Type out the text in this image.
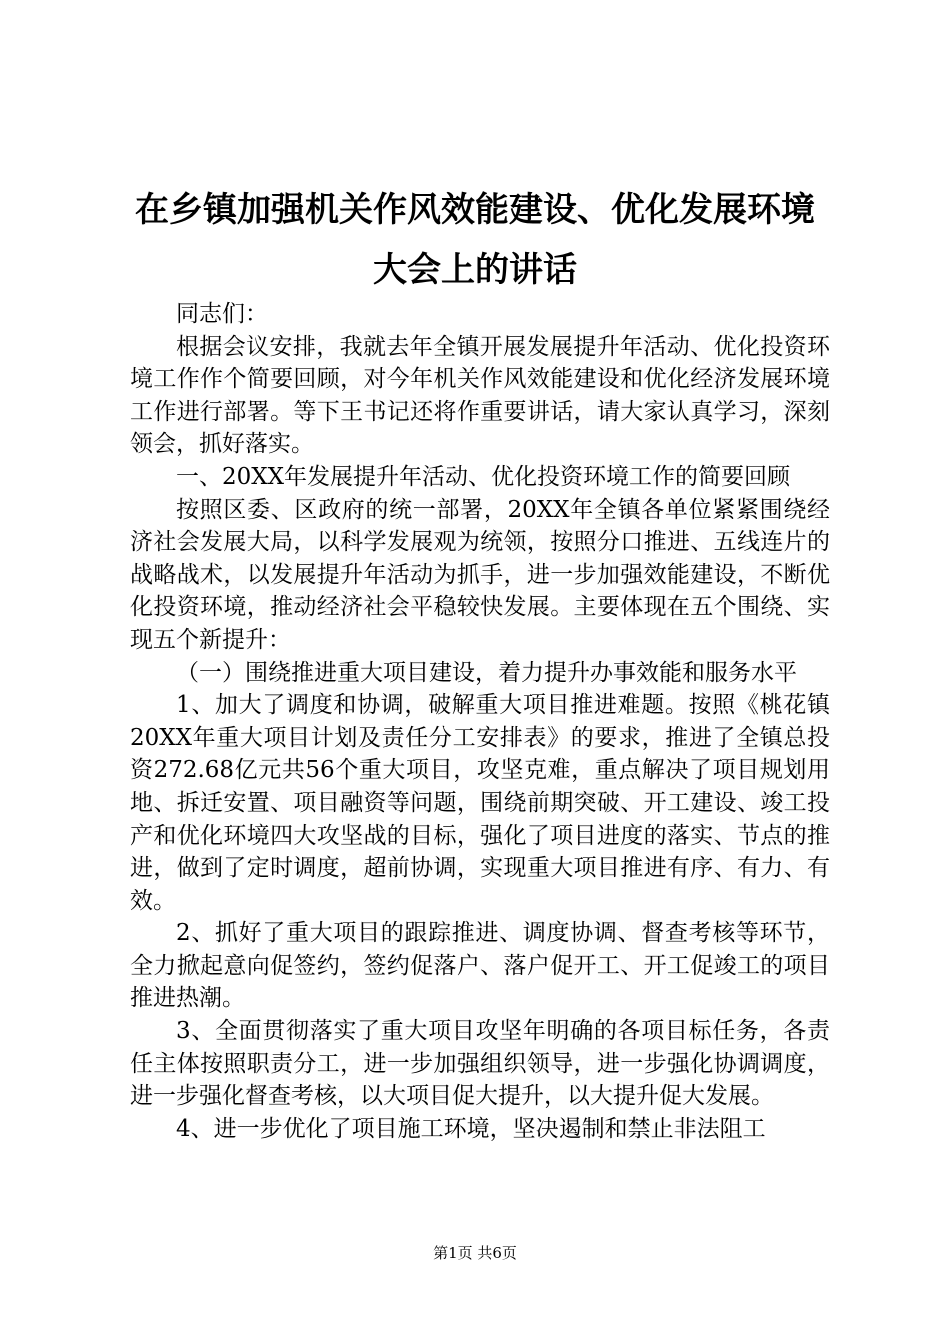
在乡镇加强机关作风效能建设、优化发展环境
大会上的讲话

同志们：

根据会议安排，我就去年全镇开展发展提升年活动、优化投资环境工作作个简要回顾，对今年机关作风效能建设和优化经济发展环境工作进行部署。等下王书记还将作重要讲话，请大家认真学习，深刻领会，抓好落实。

一、20XX年发展提升年活动、优化投资环境工作的简要回顾

按照区委、区政府的统一部署，20XX年全镇各单位紧紧围绕经济社会发展大局，以科学发展观为统领，按照分口推进、五线连片的战略战术，以发展提升年活动为抓手，进一步加强效能建设，不断优化投资环境，推动经济社会平稳较快发展。主要体现在五个围绕、实现五个新提升：

（一）围绕推进重大项目建设，着力提升办事效能和服务水平

1、加大了调度和协调，破解重大项目推进难题。按照《桃花镇20XX年重大项目计划及责任分工安排表》的要求，推进了全镇总投资272.68亿元共56个重大项目，攻坚克难，重点解决了项目规划用地、拆迁安置、项目融资等问题，围绕前期突破、开工建设、竣工投产和优化环境四大攻坚战的目标，强化了项目进度的落实、节点的推进，做到了定时调度，超前协调，实现重大项目推进有序、有力、有效。

2、抓好了重大项目的跟踪推进、调度协调、督查考核等环节，全力掀起意向促签约，签约促落户、落户促开工、开工促竣工的项目推进热潮。

3、全面贯彻落实了重大项目攻坚年明确的各项目标任务，各责任主体按照职责分工，进一步加强组织领导，进一步强化协调调度，进一步强化督查考核，以大项目促大提升，以大提升促大发展。

4、进一步优化了项目施工环境，坚决遏制和禁止非法阻工

第1页 共6页
